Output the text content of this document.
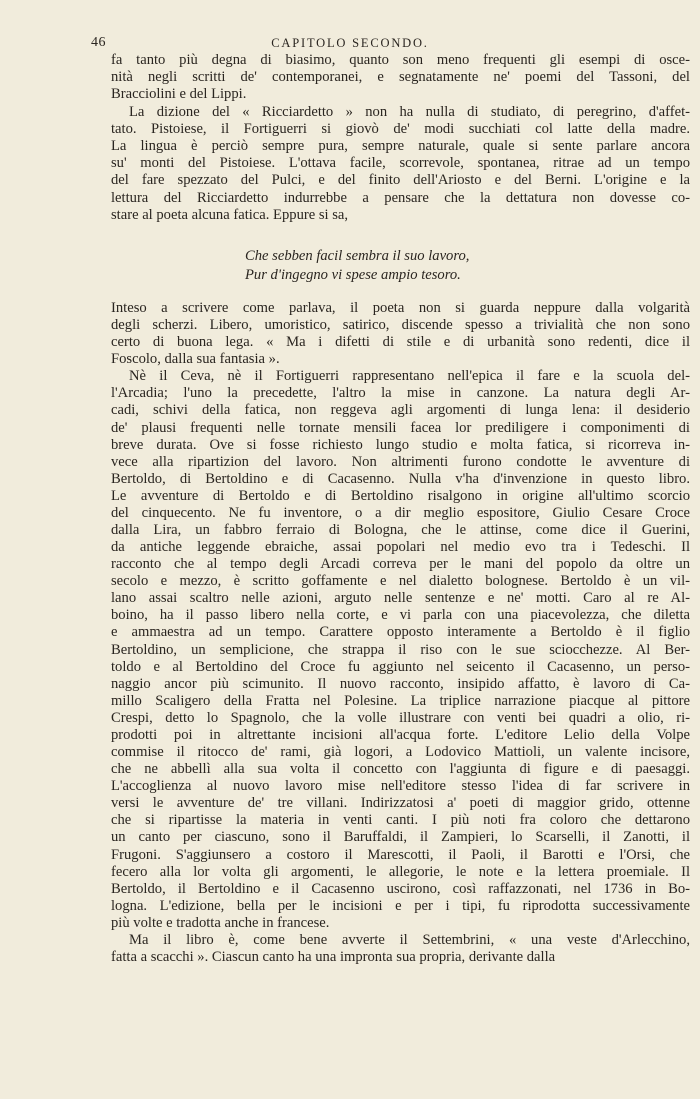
46	CAPITOLO SECONDO.
fa tanto più degna di biasimo, quanto son meno frequenti gli esempi di osce-
nità negli scritti de' contemporanei, e segnatamente ne' poemi del Tassoni, del
Bracciolini e del Lippi.
La dizione del « Ricciardetto » non ha nulla di studiato, di peregrino, d'affet-
tato. Pistoiese, il Fortiguerri si giovò de' modi succhiati col latte della madre.
La lingua è perciò sempre pura, sempre naturale, quale si sente parlare ancora
su' monti del Pistoiese. L'ottava facile, scorrevole, spontanea, ritrae ad un tempo
del fare spezzato del Pulci, e del finito dell'Ariosto e del Berni. L'origine e la
lettura del Ricciardetto indurrebbe a pensare che la dettatura non dovesse co-
stare al poeta alcuna fatica. Eppure si sa,
Che sebben facil sembra il suo lavoro,
Pur d'ingegno vi spese ampio tesoro.
Inteso a scrivere come parlava, il poeta non si guarda neppure dalla volgarità
degli scherzi. Libero, umoristico, satirico, discende spesso a trivialità che non sono
certo di buona lega. « Ma i difetti di stile e di urbanità sono redenti, dice il
Foscolo, dalla sua fantasia ».
Nè il Ceva, nè il Fortiguerri rappresentano nell'epica il fare e la scuola del-
l'Arcadia; l'uno la precedette, l'altro la mise in canzone. La natura degli Ar-
cadi, schivi della fatica, non reggeva agli argomenti di lunga lena: il desiderio
de' plausi frequenti nelle tornate mensili facea lor prediligere i componimenti di
breve durata. Ove si fosse richiesto lungo studio e molta fatica, si ricorreva in-
vece alla ripartizion del lavoro. Non altrimenti furono condotte le avventure di
Bertoldo, di Bertoldino e di Cacasenno. Nulla v'ha d'invenzione in questo libro.
Le avventure di Bertoldo e di Bertoldino risalgono in origine all'ultimo scorcio
del cinquecento. Ne fu inventore, o a dir meglio espositore, Giulio Cesare Croce
dalla Lira, un fabbro ferraio di Bologna, che le attinse, come dice il Guerini,
da antiche leggende ebraiche, assai popolari nel medio evo tra i Tedeschi. Il
racconto che al tempo degli Arcadi correva per le mani del popolo da oltre un
secolo e mezzo, è scritto goffamente e nel dialetto bolognese. Bertoldo è un vil-
lano assai scaltro nelle azioni, arguto nelle sentenze e ne' motti. Caro al re Al-
boino, ha il passo libero nella corte, e vi parla con una piacevolezza, che diletta
e ammaestra ad un tempo. Carattere opposto interamente a Bertoldo è il figlio
Bertoldino, un semplicione, che strappa il riso con le sue sciocchezze. Al Ber-
toldo e al Bertoldino del Croce fu aggiunto nel seicento il Cacasenno, un perso-
naggio ancor più scimunito. Il nuovo racconto, insipido affatto, è lavoro di Ca-
millo Scaligero della Fratta nel Polesine. La triplice narrazione piacque al pittore
Crespi, detto lo Spagnolo, che la volle illustrare con venti bei quadri a olio, ri-
prodotti poi in altrettante incisioni all'acqua forte. L'editore Lelio della Volpe
commise il ritocco de' rami, già logori, a Lodovico Mattioli, un valente incisore,
che ne abbellì alla sua volta il concetto con l'aggiunta di figure e di paesaggi.
L'accoglienza al nuovo lavoro mise nell'editore stesso l'idea di far scrivere in
versi le avventure de' tre villani. Indirizzatosi a' poeti di maggior grido, ottenne
che si ripartisse la materia in venti canti. I più noti fra coloro che dettarono
un canto per ciascuno, sono il Baruffaldi, il Zampieri, lo Scarselli, il Zanotti, il
Frugoni. S'aggiunsero a costoro il Marescotti, il Paoli, il Barotti e l'Orsi, che
fecero alla lor volta gli argomenti, le allegorie, le note e la lettera proemiale. Il
Bertoldo, il Bertoldino e il Cacasenno uscirono, così raffazzonati, nel 1736 in Bo-
logna. L'edizione, bella per le incisioni e per i tipi, fu riprodotta successivamente
più volte e tradotta anche in francese.
Ma il libro è, come bene avverte il Settembrini, « una veste d'Arlecchino,
fatta a scacchi ». Ciascun canto ha una impronta sua propria, derivante dalla
